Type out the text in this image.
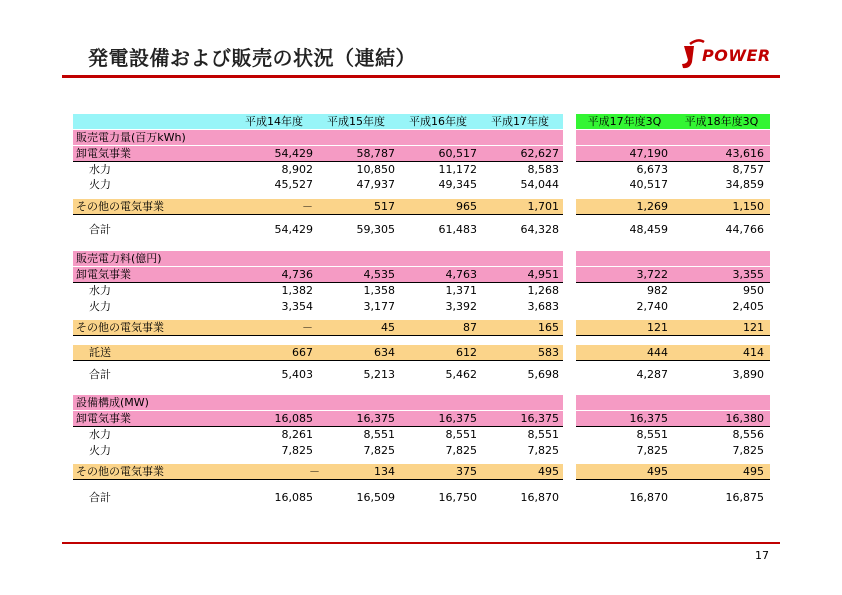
発電設備および販売の状況（連結）	POWER
平成14年度	平成15年度	平成16年度	平成17年度	平成17年度3Q	平成18年度3Q
販売電力量(百万kWh)
卸電気事業	54,429	58,787	60,517	62,627	47,190	43,616
水力	8,902	10,850	11,172	8,583	6,673	8,757
火力	45,527	47,937	49,345	54,044	40,517	34,859
その他の電気事業	－	517	965	1,701	1,269	1,150
合計	54,429	59,305	61,483	64,328	48,459	44,766
販売電力料(億円)
卸電気事業	4,736	4,535	4,763	4,951	3,722	3,355
水力	1,382	1,358	1,371	1,268	982	950
火力	3,354	3,177	3,392	3,683	2,740	2,405
その他の電気事業	－	45	87	165	121	121
託送	667	634	612	583	444	414
合計	5,403	5,213	5,462	5,698	4,287	3,890
設備構成(MW)
卸電気事業	16,085	16,375	16,375	16,375	16,375	16,380
水力	8,261	8,551	8,551	8,551	8,551	8,556
火力	7,825	7,825	7,825	7,825	7,825	7,825
その他の電気事業	－	134	375	495	495	495
合計	16,085	16,509	16,750	16,870	16,870	16,875
17
